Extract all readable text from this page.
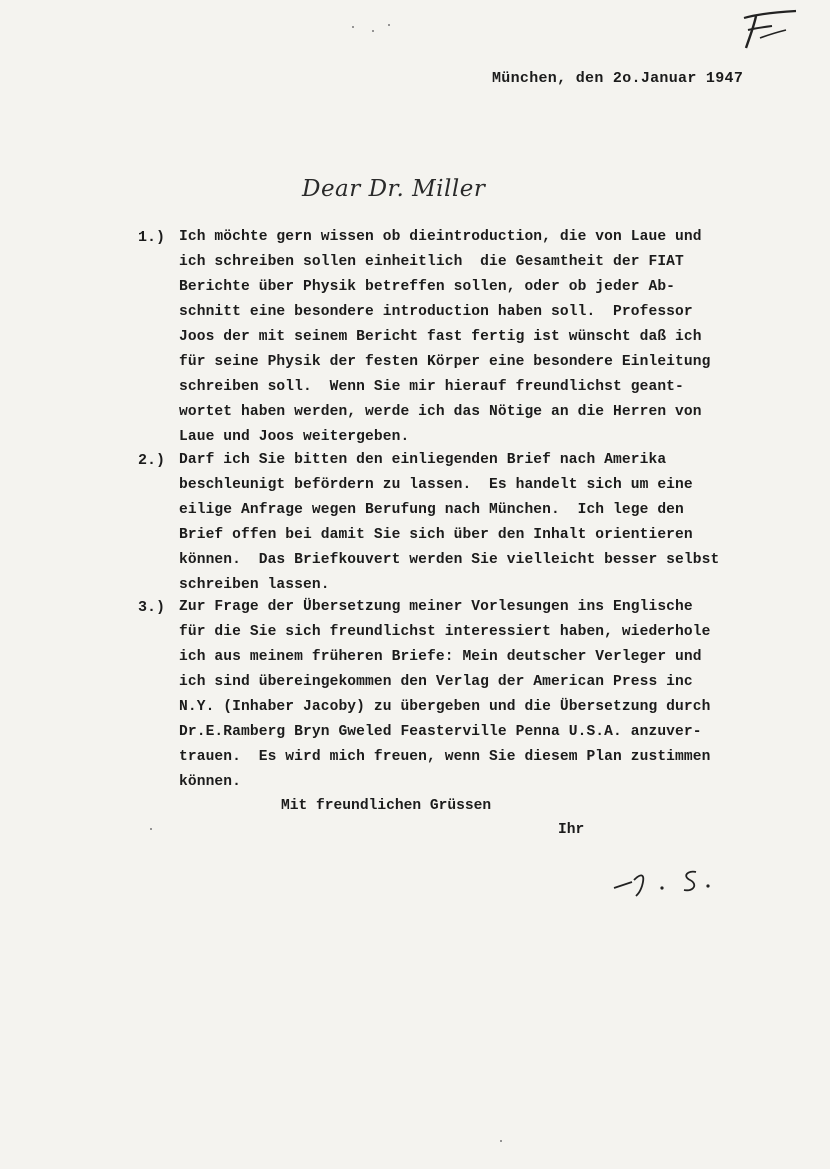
München, den 2o.Januar 1947
Dear Dr. Miller
1.) Ich möchte gern wissen ob dieintroduction, die von Laue und
ich schreiben sollen einheitlich  die Gesamtheit der FIAT
Berichte über Physik betreffen sollen, oder ob jeder Ab-
schnitt eine besondere introduction haben soll.  Professor
Joos der mit seinem Bericht fast fertig ist wünscht daß ich
für seine Physik der festen Körper eine besondere Einleitung
schreiben soll.  Wenn Sie mir hierauf freundlichst geant-
wortet haben werden, werde ich das Nötige an die Herren von
Laue und Joos weitergeben.
2.) Darf ich Sie bitten den einliegenden Brief nach Amerika
beschleunigt befördern zu lassen.  Es handelt sich um eine
eilige Anfrage wegen Berufung nach München.  Ich lege den
Brief offen bei damit Sie sich über den Inhalt orientieren
können.  Das Briefkouvert werden Sie vielleicht besser selbst
schreiben lassen.
3.) Zur Frage der Übersetzung meiner Vorlesungen ins Englische
für die Sie sich freundlichst interessiert haben, wiederhole
ich aus meinem früheren Briefe: Mein deutscher Verleger und
ich sind übereingekommen den Verlag der American Press inc
N.Y. (Inhaber Jacoby) zu übergeben und die Übersetzung durch
Dr.E.Ramberg Bryn Gweled Feasterville Penna U.S.A. anzuver-
trauen.  Es wird mich freuen, wenn Sie diesem Plan zustimmen
können.
Mit freundlichen Grüssen
Ihr
